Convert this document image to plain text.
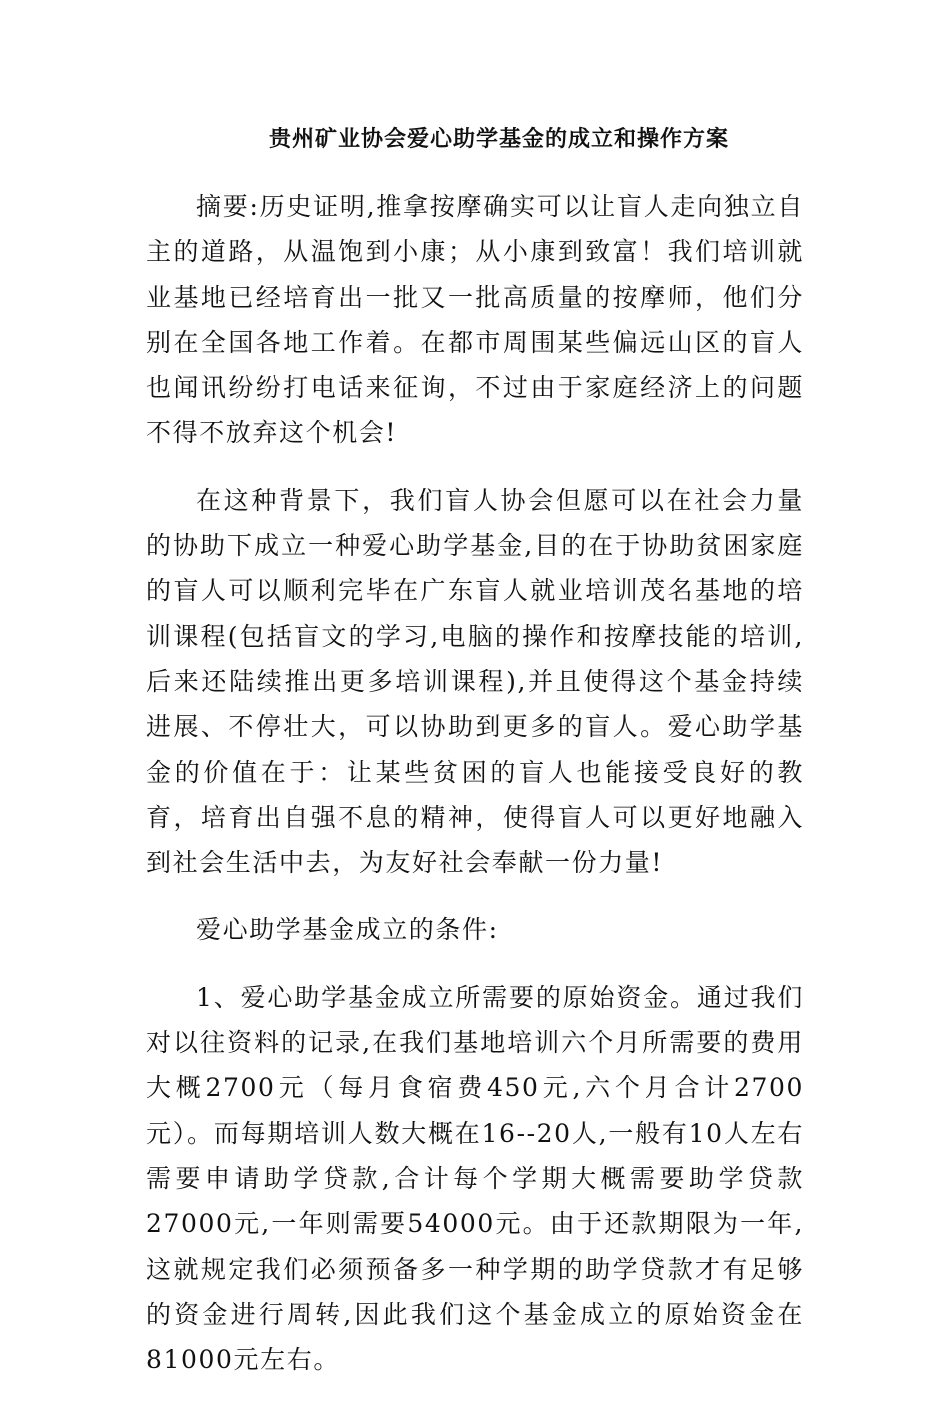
贵州矿业协会爱心助学基金的成立和操作方案

摘要:历史证明,推拿按摩确实可以让盲人走向独立自主的道路，从温饱到小康；从小康到致富！我们培训就业基地已经培育出一批又一批高质量的按摩师，他们分别在全国各地工作着。在都市周围某些偏远山区的盲人也闻讯纷纷打电话来征询，不过由于家庭经济上的问题不得不放弃这个机会!

在这种背景下，我们盲人协会但愿可以在社会力量的协助下成立一种爱心助学基金,目的在于协助贫困家庭的盲人可以顺利完毕在广东盲人就业培训茂名基地的培训课程(包括盲文的学习,电脑的操作和按摩技能的培训,后来还陆续推出更多培训课程),并且使得这个基金持续进展、不停壮大，可以协助到更多的盲人。爱心助学基金的价值在于：让某些贫困的盲人也能接受良好的教育，培育出自强不息的精神，使得盲人可以更好地融入到社会生活中去，为友好社会奉献一份力量!

爱心助学基金成立的条件:

1、爱心助学基金成立所需要的原始资金。通过我们对以往资料的记录,在我们基地培训六个月所需要的费用大概2700元（每月食宿费450元,六个月合计2700元）。而每期培训人数大概在16--20人,一般有10人左右需要申请助学贷款,合计每个学期大概需要助学贷款27000元,一年则需要54000元。由于还款期限为一年,这就规定我们必须预备多一种学期的助学贷款才有足够的资金进行周转,因此我们这个基金成立的原始资金在81000元左右。
